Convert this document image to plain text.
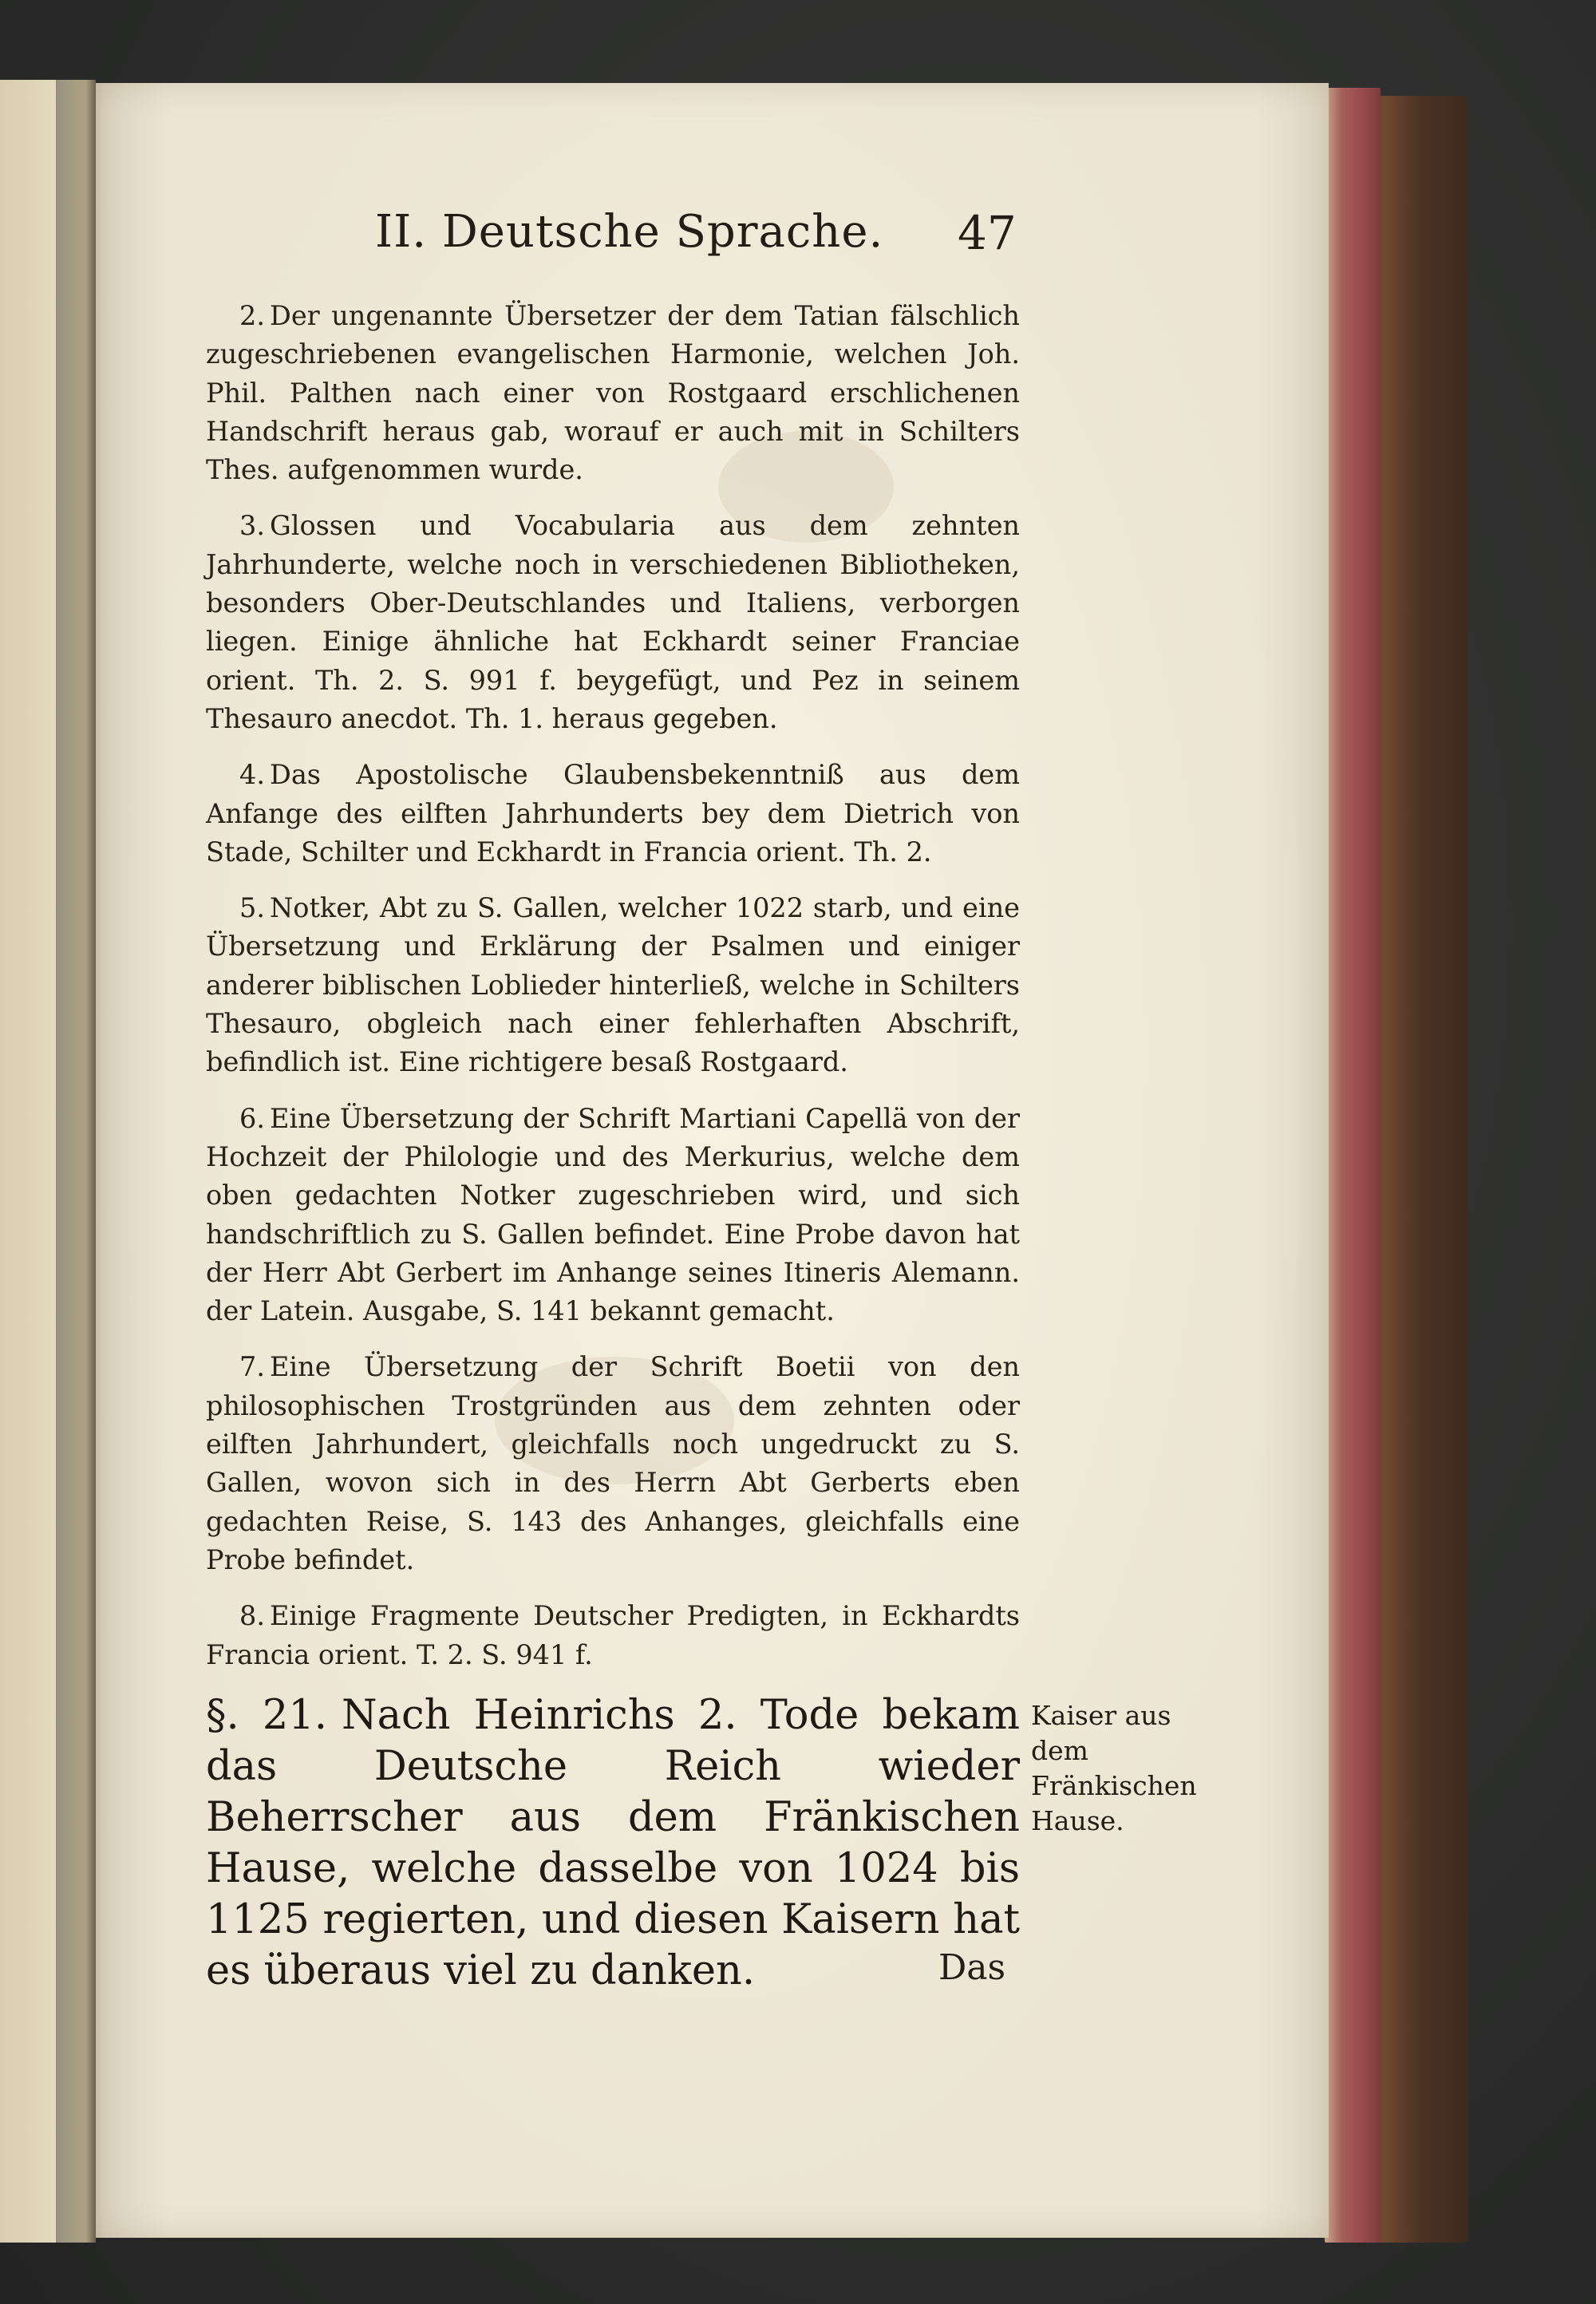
II. Deutsche Sprache. 47

2. Der ungenannte Übersetzer der dem Tatian fälschlich zugeschriebenen evangelischen Harmonie, welchen Joh. Phil. Palthen nach einer von Rostgaard erschlichenen Handschrift heraus gab, worauf er auch mit in Schilters Thes. aufgenommen wurde.

3. Glossen und Vocabularia aus dem zehnten Jahrhunderte, welche noch in verschiedenen Bibliotheken, besonders Ober-Deutschlandes und Italiens, verborgen liegen. Einige ähnliche hat Eckhardt seiner Franciae orient. Th. 2. S. 991 f. beygefügt, und Pez in seinem Thesauro anecdot. Th. 1. heraus gegeben.

4. Das Apostolische Glaubensbekenntniß aus dem Anfange des eilften Jahrhunderts bey dem Dietrich von Stade, Schilter und Eckhardt in Francia orient. Th. 2.

5. Notker, Abt zu S. Gallen, welcher 1022 starb, und eine Übersetzung und Erklärung der Psalmen und einiger anderer biblischen Loblieder hinterließ, welche in Schilters Thesauro, obgleich nach einer fehlerhaften Abschrift, befindlich ist. Eine richtigere besaß Rostgaard.

6. Eine Übersetzung der Schrift Martiani Capellä von der Hochzeit der Philologie und des Merkurius, welche dem oben gedachten Notker zugeschrieben wird, und sich handschriftlich zu S. Gallen befindet. Eine Probe davon hat der Herr Abt Gerbert im Anhange seines Itineris Alemann. der Latein. Ausgabe, S. 141 bekannt gemacht.

7. Eine Übersetzung der Schrift Boetii von den philosophischen Trostgründen aus dem zehnten oder eilften Jahrhundert, gleichfalls noch ungedruckt zu S. Gallen, wovon sich in des Herrn Abt Gerberts eben gedachten Reise, S. 143 des Anhanges, gleichfalls eine Probe befindet.

8. Einige Fragmente Deutscher Predigten, in Eckhardts Francia orient. T. 2. S. 941 f.

§. 21. Nach Heinrichs 2. Tode bekam das Deutsche Reich wieder Beherrscher aus dem Fränkischen Hause, welche dasselbe von 1024 bis 1125 regierten, und diesen Kaisern hat es überaus viel zu danken.
Kaiser aus dem Fränkischen Hause.
Das
